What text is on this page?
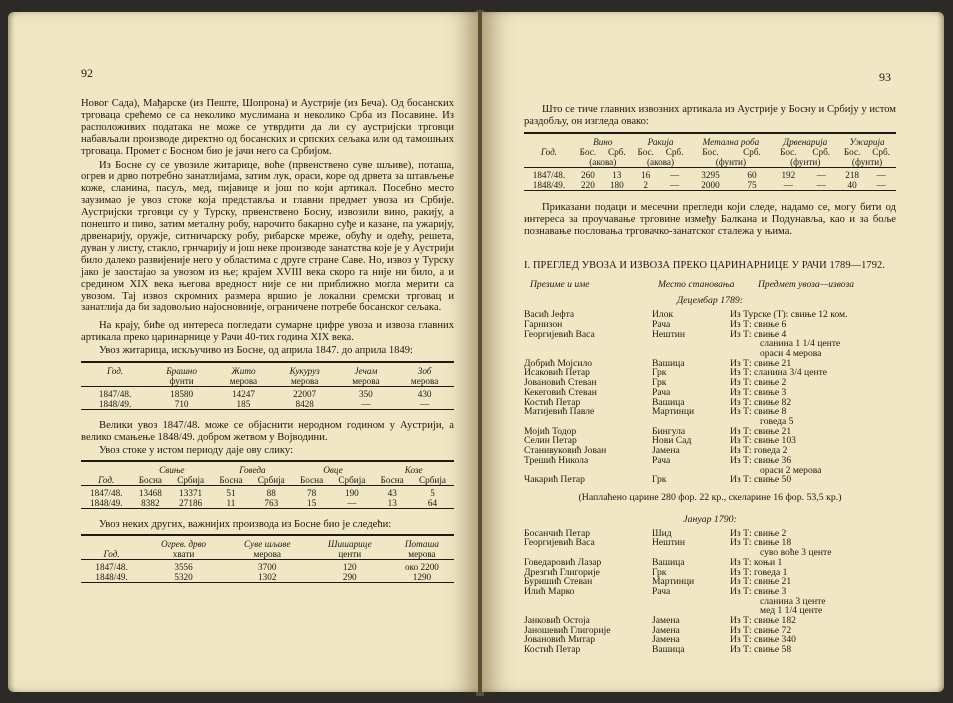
92

Новог Сада), Мађарске (из Пеште, Шопрона) и Аустрије (из Беча). Од босанских трговаца срећемо се са неколико муслимана и неколико Срба из Посавине. Из расположивих података не може се утврдити да ли су аустријски трговци набављали производе директно од босанских и српских сељака или од тамошњих трговаца. Промет с Босном био је јачи него са Србијом.

Из Босне су се увозиле житарице, воће (првенствено суве шљиве), поташа, огрев и дрво потребно занатлијама, затим лук, ораси, коре од дрвета за штављење коже, сланина, пасуљ, мед, пијавице и још по који артикал. Посебно место заузимао је увоз стоке која представља и главни предмет увоза из Србије. Аустријски трговци су у Турску, првенствено Босну, извозили вино, ракију, а понешто и пиво, затим металну робу, нарочито бакарно суђе и казане, па ужарију, дрвенарију, оружје, ситничарску робу, рибарске мреже, обућу и одећу, решета, дуван у листу, стакло, грнчарију и још неке производе занатства које је у Аустрији било далеко развијеније него у областима с друге стране Саве. Но, извоз у Турску јако је заостајао за увозом из ње; крајем XVIII века скоро га није ни било, а и средином XIX века његова вредност није се ни приближно могла мерити са увозом. Тај извоз скромних размера вршио је локални сремски трговац и занатлија да би задовољио најосновније, ограничене потребе босанског сељака.

На крају, биће од интереса погледати сумарне цифре увоза и извоза главних артикала преко царинарнице у Рачи 40-тих година XIX века.

Увоз житарица, искључиво из Босне, од априла 1847. до априла 1849:

Год.	Брашно	Жито	Кукуруз	Јечам	Зоб
	фунти	мерова	мерова	мерова	мерова

1847/48.	18580	14247	22007	350	430
1848/49.	710	185	8428	—	—

Велики увоз 1847/48. може се објаснити неродном годином у Аустрији, а велико смањење 1848/49. добром жетвом у Војводини.

Увоз стоке у истом периоду даје ову слику:

	Свиње		Говеда		Овце		Козе	
Год.	Босна	Србија	Босна	Србија	Босна	Србија	Босна	Србија

1847/48.	13468	13371	51	88	78	190	43	5
1848/49.	8382	27186	11	763	15	—	13	64

Увоз неких других, важнијих производа из Босне био је следећи:

	Огрев. дрво	Суве шљиве	Шишарице	Поташа
Год.	хвати	мерова	центи	мерова

1847/48.	3556	3700	120	око 2200
1848/49.	5320	1302	290	1290

93

Што се тиче главних извозних артикала из Аустрије у Босну и Србију у истом раздобљу, он изгледа овако:

	Вино		Ракија		Метална роба		Дрвенарија		Ужарија	
Год.	Бос.	Срб.	Бос.	Срб.	Бос.	Срб.	Бос.	Срб.	Бос.	Срб.
	(акова)		(акова)		(фунти)		(фунти)		(фунти)	

1847/48.	260	13	16	—	3295	60	192	—	218	—
1848/49.	220	180	2	—	2000	75	—	—	40	—

Приказани подаци и месечни прегледи који следе, надамо се, могу бити од интереса за проучавање трговине између Балкана и Подунавља, као и за боље познавање пословања трговачко-занатског сталежа у њима.

I. ПРЕГЛЕД УВОЗА И ИЗВОЗА ПРЕКО ЦАРИНАРНИЦЕ У РАЧИ 1789—1792.
Презиме и име	Место становања	Предмет увоза—извоза
Децембар 1789:
Васић Јефта	Илок	Из Турске (Т): свиње 12 ком.
Гарнизон	Рача	Из Т: свиње 6
Георгијевић Васа	Нештин	Из Т: свиње 4
сланина 1 1/4 центе
ораси 4 мерова
Добрић Мојсило	Вашица	Из Т: свиње 21
Исаковић Петар	Грк	Из Т: сланина 3/4 центе
Јовановић Стеван	Грк	Из Т: свиње 2
Кекеговић Стеван	Рача	Из Т: свиње 3
Костић Петар	Вашица	Из Т: свиње 82
Матијевић Павле	Мартинци	Из Т: свиње 8
говеда 5
Мојић Тодор	Бингула	Из Т: свиње 21
Селин Петар	Нови Сад	Из Т: свиње 103
Станивуковић Јован	Јамена	Из Т: говеда 2
Трешић Никола	Рача	Из Т: свиње 36
ораси 2 мерова
Чакарић Петар	Грк	Из Т: свиње 50
(Наплаћено царине 280 фор. 22 кр., скеларине 16 фор. 53,5 кр.)
Јануар 1790:
Босанчић Петар	Шид	Из Т: свиње 2
Георгијевић Васа	Нештин	Из Т: свиње 18
суво воће 3 центе
Говедаровић Лазар	Вашица	Из Т: коњи 1
Дрезгић Глигорије	Грк	Из Т: говеда 1
Буришић Стеван	Мартинци	Из Т: свиње 21
Илић Марко	Рача	Из Т: свиње 3
сланина 3 центе
мед 1 1/4 центе
Јанковић Остоја	Јамена	Из Т: свиње 182
Јаношевић Глигорије	Јамена	Из Т: свиње 72
Јовановић Митар	Јамена	Из Т: свиње 340
Костић Петар	Вашица	Из Т: свиње 58
